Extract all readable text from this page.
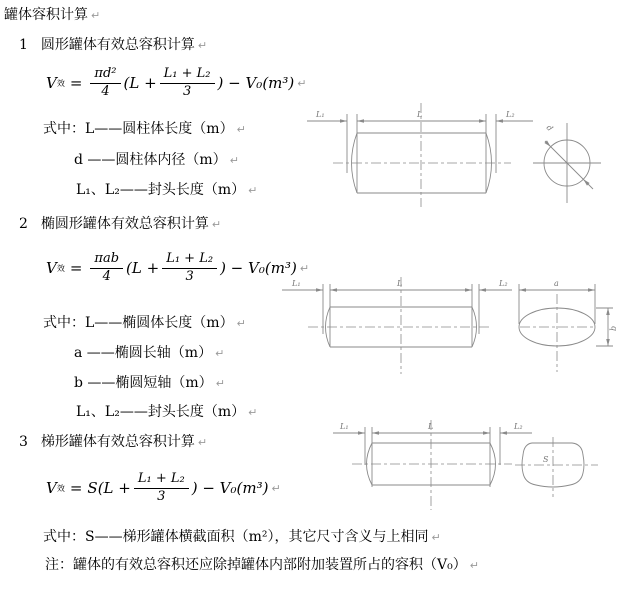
罐体容积计算 ↵
1 圆形罐体有效总容积计算 ↵
V 效 = $\frac{\text{πd²}}{4} (L + \frac{\text{L₁ + L₂}}{3}$ ) − V₀(m³) ↵
式中：L——圆柱体长度（m） ↵
d ——圆柱体内径（m） ↵
L₁、L₂——封头长度（m） ↵
2 椭圆形罐体有效总容积计算 ↵
V 效 = $\frac{\text{πab}}{4} (L + \frac{\text{L₁ + L₂}}{3}$ ) − V₀(m³) ↵
式中：L——椭圆体长度（m） ↵
a ——椭圆长轴（m） ↵
b ——椭圆短轴（m） ↵
L₁、L₂——封头长度（m） ↵
3 梯形罐体有效总容积计算 ↵
V 效 = $S(L + \frac{\text{L₁ + L₂}}{3}$ ) − V₀(m³) ↵
式中：S——梯形罐体横截面积（m²），其它尺寸含义与上相同 ↵
注：罐体的有效总容积还应除掉罐体内部附加装置所占的容积（V₀） ↵
L₁	L	L₂
d
L₁	L	L₂	a
b
L₁	L	L₂
S
